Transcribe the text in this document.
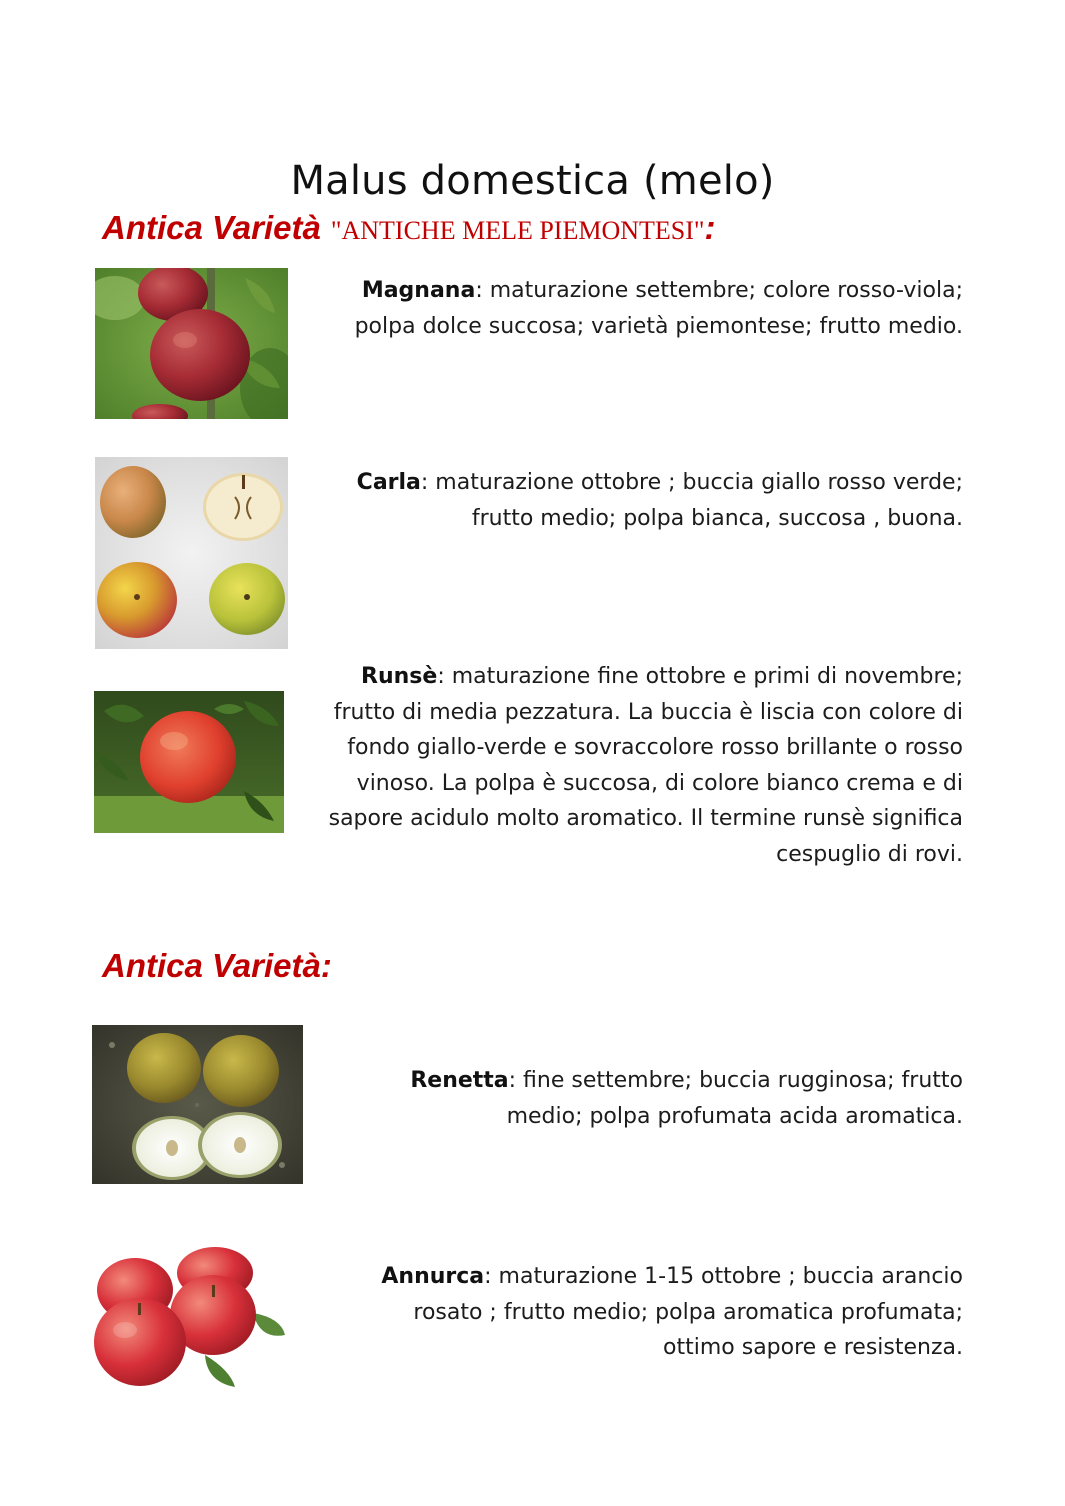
Malus domestica (melo)
Antica Varietà "ANTICHE MELE PIEMONTESI":

Magnana: maturazione settembre; colore rosso-viola; polpa dolce succosa; varietà piemontese; frutto medio.

Carla: maturazione ottobre ; buccia giallo rosso verde; frutto medio; polpa bianca, succosa , buona.

Runsè: maturazione fine ottobre e primi di novembre; frutto di media pezzatura. La buccia è liscia con colore di fondo giallo-verde e sovraccolore rosso brillante o rosso vinoso. La polpa è succosa, di colore bianco crema e di sapore acidulo molto aromatico. Il termine runsè significa cespuglio di rovi.

Antica Varietà:

Renetta: fine settembre; buccia rugginosa; frutto medio; polpa profumata acida aromatica.

Annurca: maturazione 1-15 ottobre ; buccia arancio rosato ; frutto medio; polpa aromatica profumata; ottimo sapore e resistenza.
